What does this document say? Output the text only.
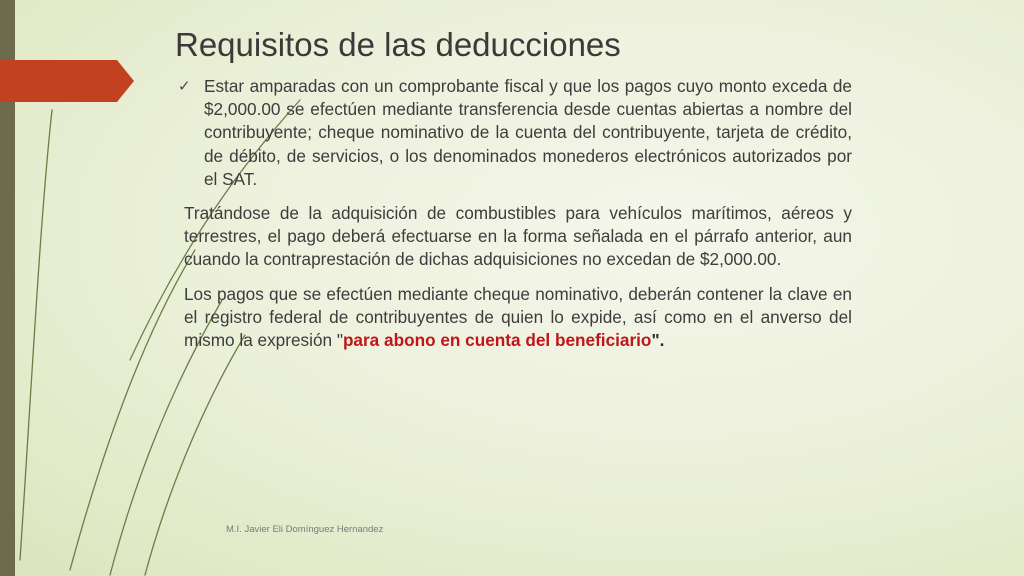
Requisitos de las deducciones
✓ Estar amparadas con un comprobante fiscal y que los pagos cuyo monto exceda de $2,000.00 se efectúen mediante transferencia desde cuentas abiertas a nombre del contribuyente; cheque nominativo de la cuenta del contribuyente, tarjeta de crédito, de débito, de servicios, o los denominados monederos electrónicos autorizados por el SAT.
Tratándose de la adquisición de combustibles para vehículos marítimos, aéreos y terrestres, el pago deberá efectuarse en la forma señalada en el párrafo anterior, aun cuando la contraprestación de dichas adquisiciones no excedan de $2,000.00.
Los pagos que se efectúen mediante cheque nominativo, deberán contener la clave en el registro federal de contribuyentes de quien lo expide, así como en el anverso del mismo la expresión "para abono en cuenta del beneficiario".
M.I. Javier Eli Domínguez Hernandez
